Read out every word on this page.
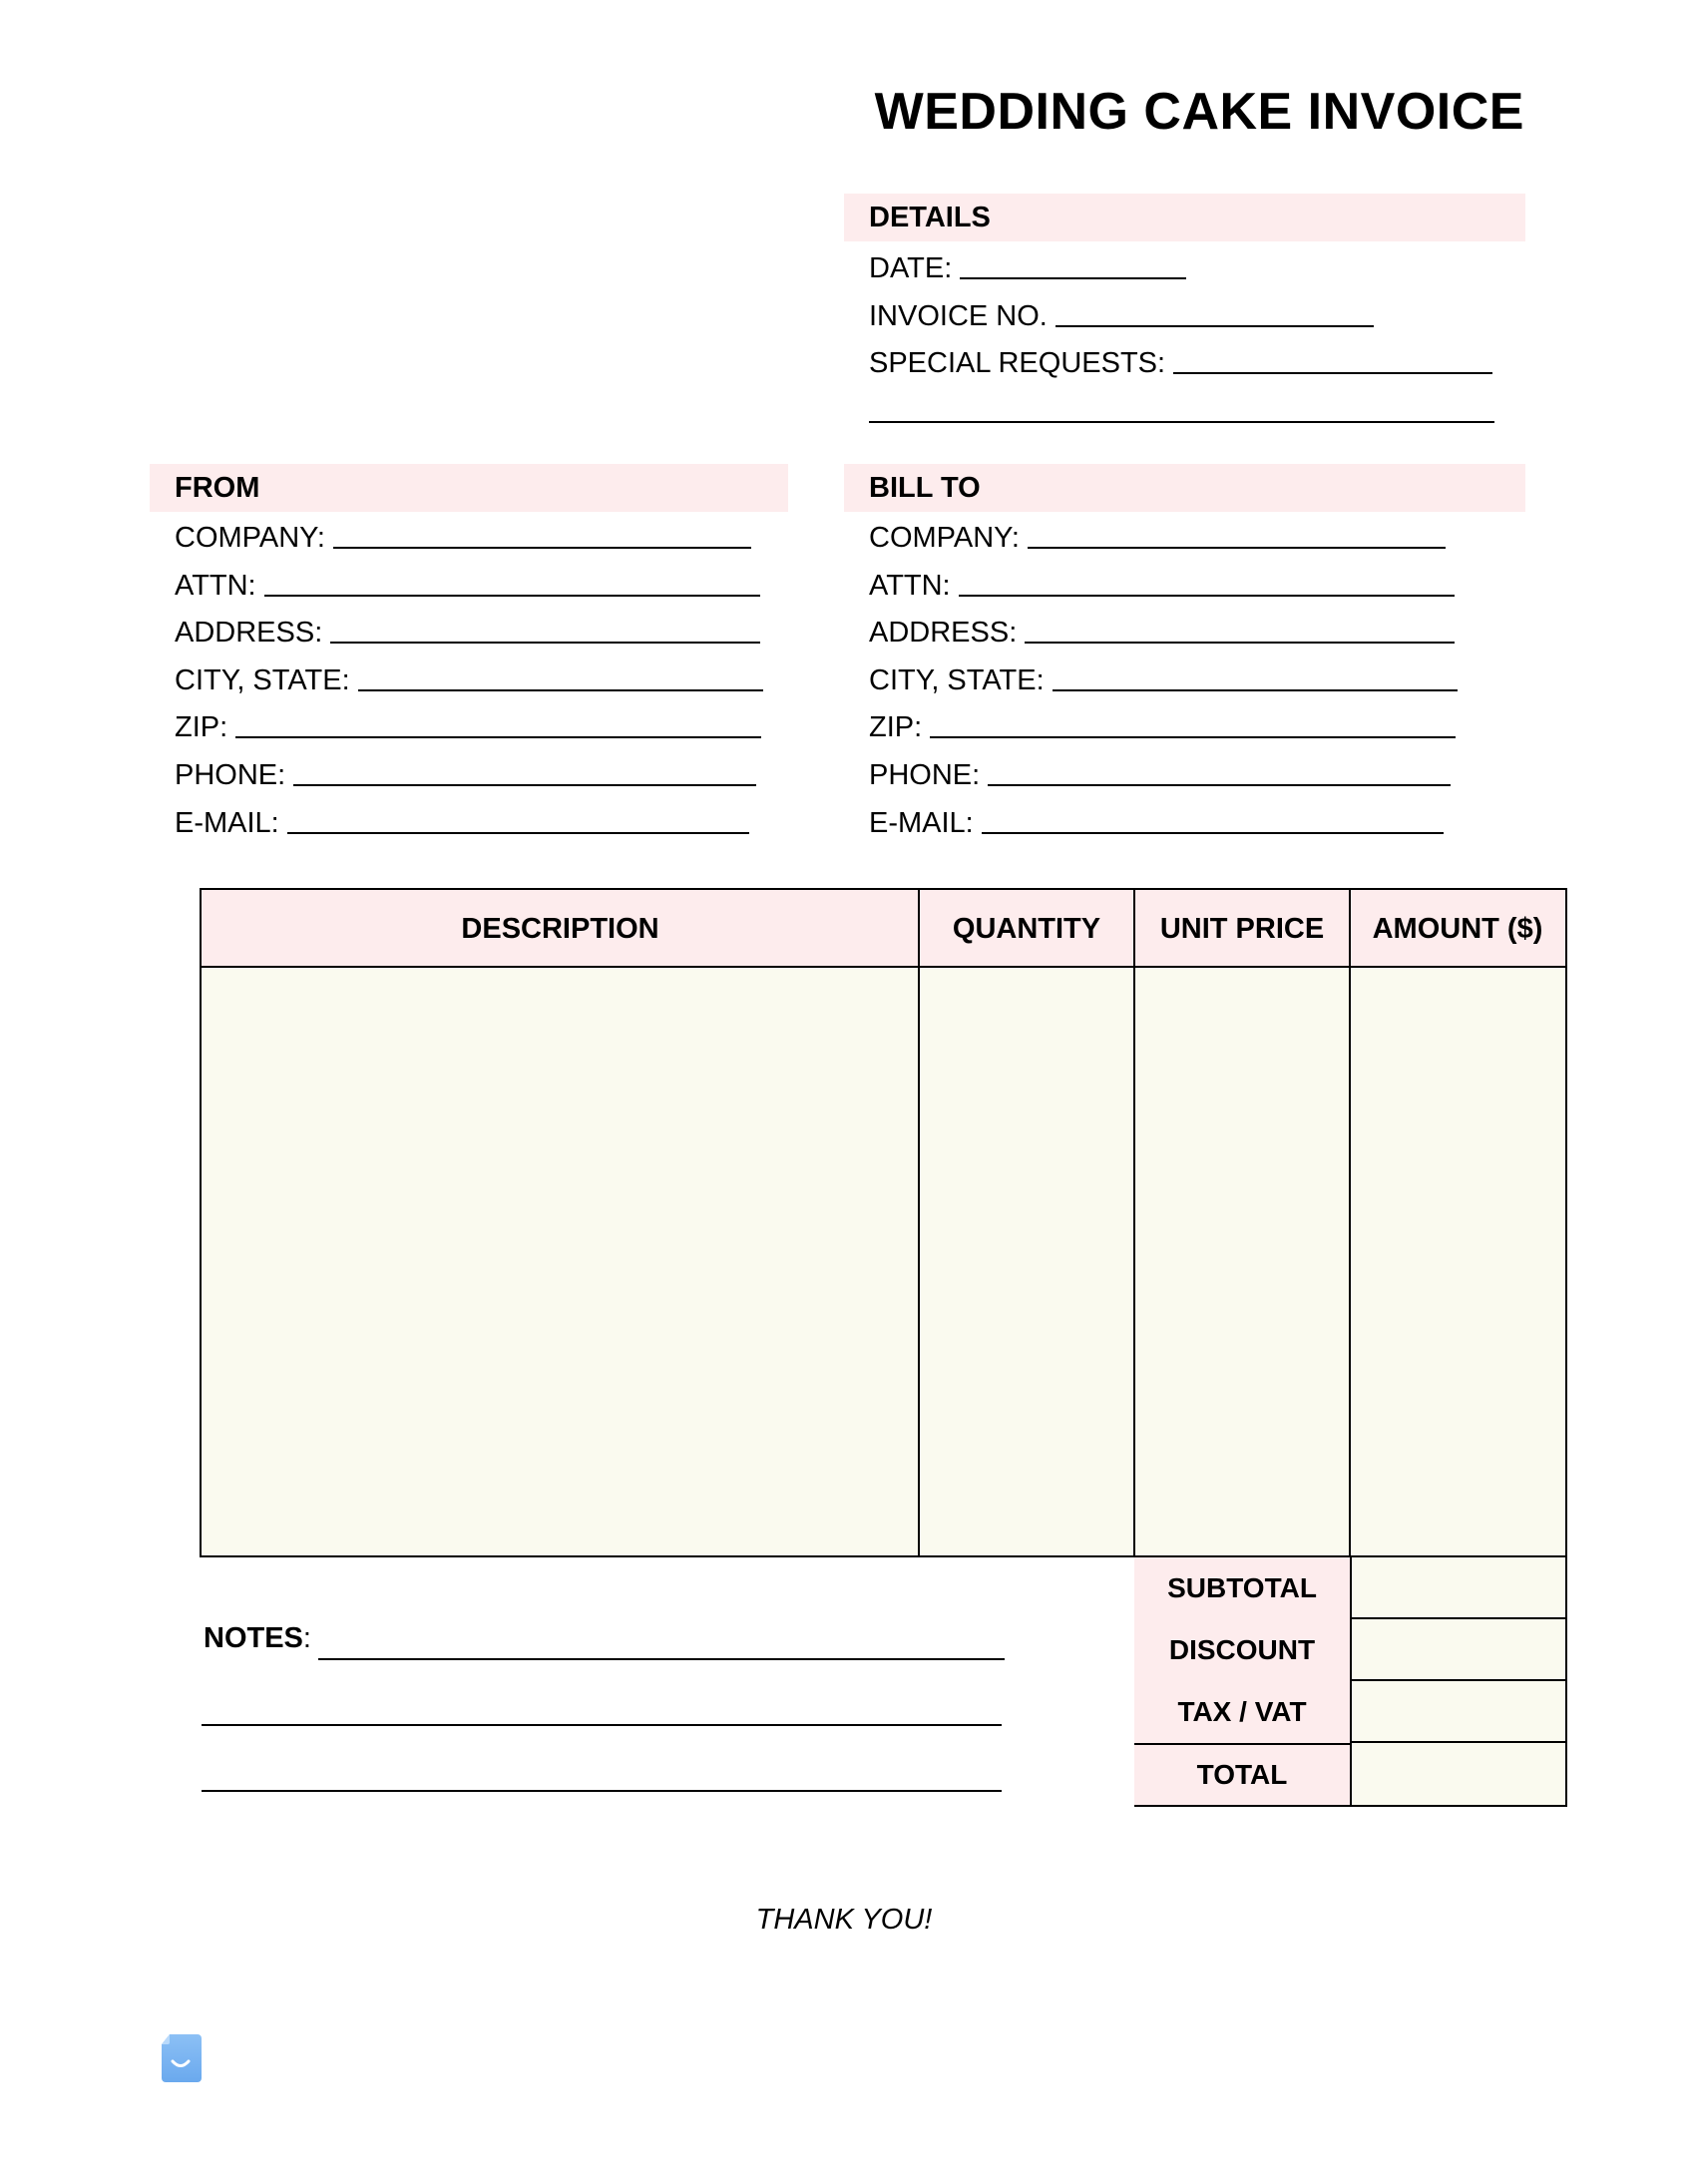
WEDDING CAKE INVOICE
DETAILS
DATE:
INVOICE NO.
SPECIAL REQUESTS:
FROM
COMPANY:
ATTN:
ADDRESS:
CITY, STATE:
ZIP:
PHONE:
E-MAIL:
BILL TO
COMPANY:
ATTN:
ADDRESS:
CITY, STATE:
ZIP:
PHONE:
E-MAIL:
DESCRIPTION	QUANTITY	UNIT PRICE	AMOUNT ($)
SUBTOTAL
DISCOUNT
TAX / VAT
TOTAL
NOTES:
THANK YOU!
